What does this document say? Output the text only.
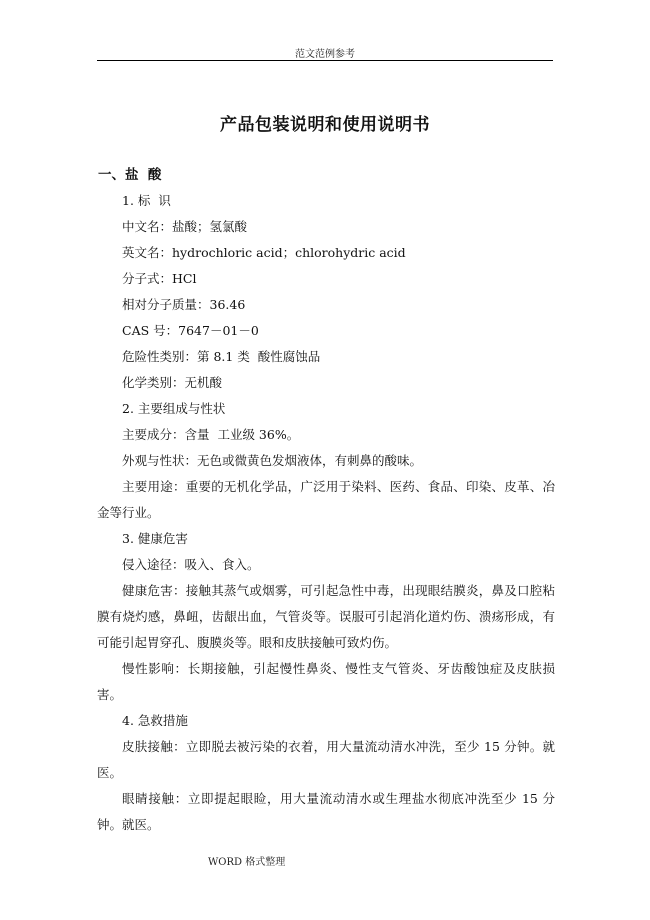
范文范例参考
产品包装说明和使用说明书
一、盐  酸
1. 标  识
中文名：盐酸；氢氯酸
英文名：hydrochloric acid；chlorohydric acid
分子式：HCl
相对分子质量：36.46
CAS 号：7647－01－0
危险性类别：第 8.1 类  酸性腐蚀品
化学类别：无机酸
2. 主要组成与性状
主要成分：含量  工业级 36%。
外观与性状：无色或微黄色发烟液体，有刺鼻的酸味。
主要用途：重要的无机化学品，广泛用于染料、医药、食品、印染、皮革、冶金等行业。
3. 健康危害
侵入途径：吸入、食入。
健康危害：接触其蒸气或烟雾，可引起急性中毒，出现眼结膜炎，鼻及口腔粘膜有烧灼感，鼻衄，齿龈出血，气管炎等。误服可引起消化道灼伤、溃疡形成，有可能引起胃穿孔、腹膜炎等。眼和皮肤接触可致灼伤。
慢性影响：长期接触，引起慢性鼻炎、慢性支气管炎、牙齿酸蚀症及皮肤损害。
4. 急救措施
皮肤接触：立即脱去被污染的衣着，用大量流动清水冲洗，至少 15 分钟。就医。
眼睛接触：立即提起眼睑，用大量流动清水或生理盐水彻底冲洗至少 15 分钟。就医。
WORD 格式整理
